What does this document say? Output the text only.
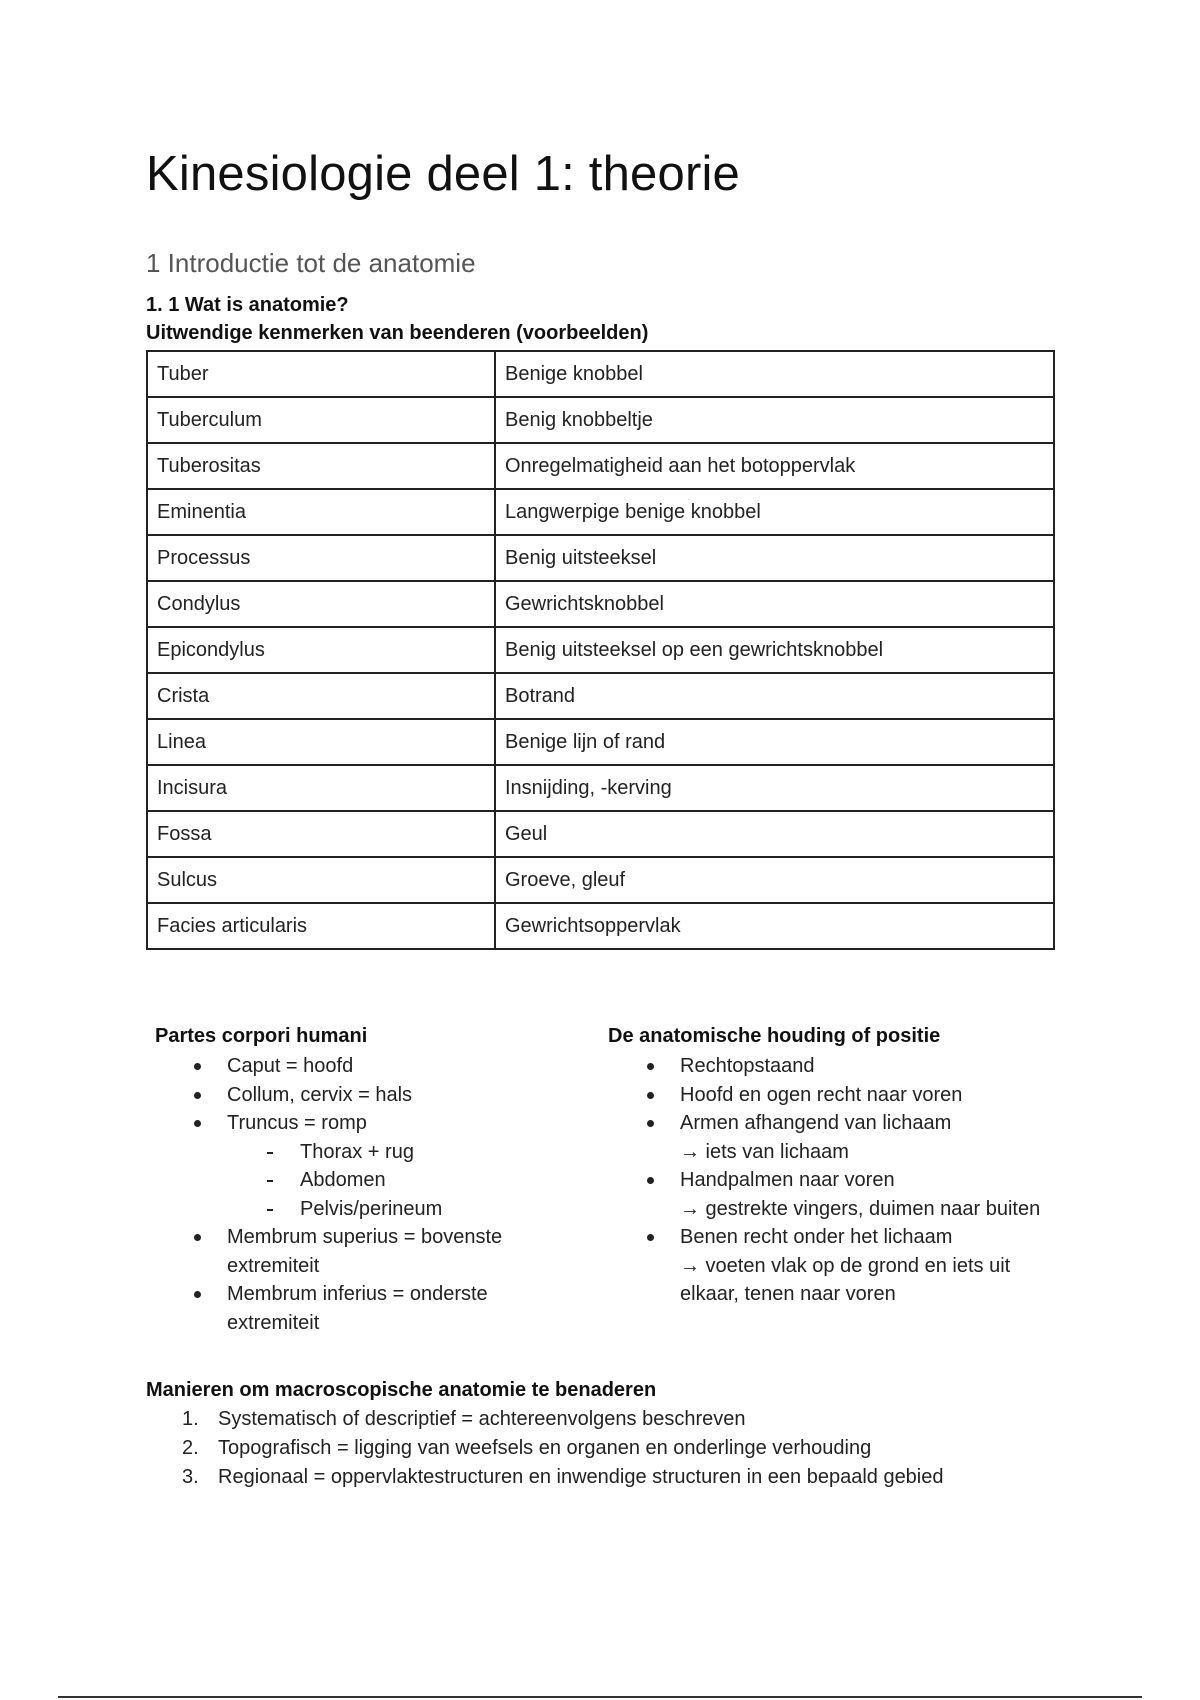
Kinesiologie deel 1: theorie
1 Introductie tot de anatomie
1. 1 Wat is anatomie?
Uitwendige kenmerken van beenderen (voorbeelden)
Tuber	Benige knobbel
Tuberculum	Benig knobbeltje
Tuberositas	Onregelmatigheid aan het botoppervlak
Eminentia	Langwerpige benige knobbel
Processus	Benig uitsteeksel
Condylus	Gewrichtsknobbel
Epicondylus	Benig uitsteeksel op een gewrichtsknobbel
Crista	Botrand
Linea	Benige lijn of rand
Incisura	Insnijding, -kerving
Fossa	Geul
Sulcus	Groeve, gleuf
Facies articularis	Gewrichtsoppervlak
Partes corpori humani
Caput = hoofd
Collum, cervix = hals
Truncus = romp
Thorax + rug
Abdomen
Pelvis/perineum
Membrum superius = bovenste extremiteit
Membrum inferius = onderste extremiteit
De anatomische houding of positie
Rechtopstaand
Hoofd en ogen recht naar voren
Armen afhangend van lichaam
→ iets van lichaam
Handpalmen naar voren
→ gestrekte vingers, duimen naar buiten
Benen recht onder het lichaam
→ voeten vlak op de grond en iets uit elkaar, tenen naar voren
Manieren om macroscopische anatomie te benaderen
1. Systematisch of descriptief = achtereenvolgens beschreven
2. Topografisch = ligging van weefsels en organen en onderlinge verhouding
3. Regionaal = oppervlaktestructuren en inwendige structuren in een bepaald gebied
